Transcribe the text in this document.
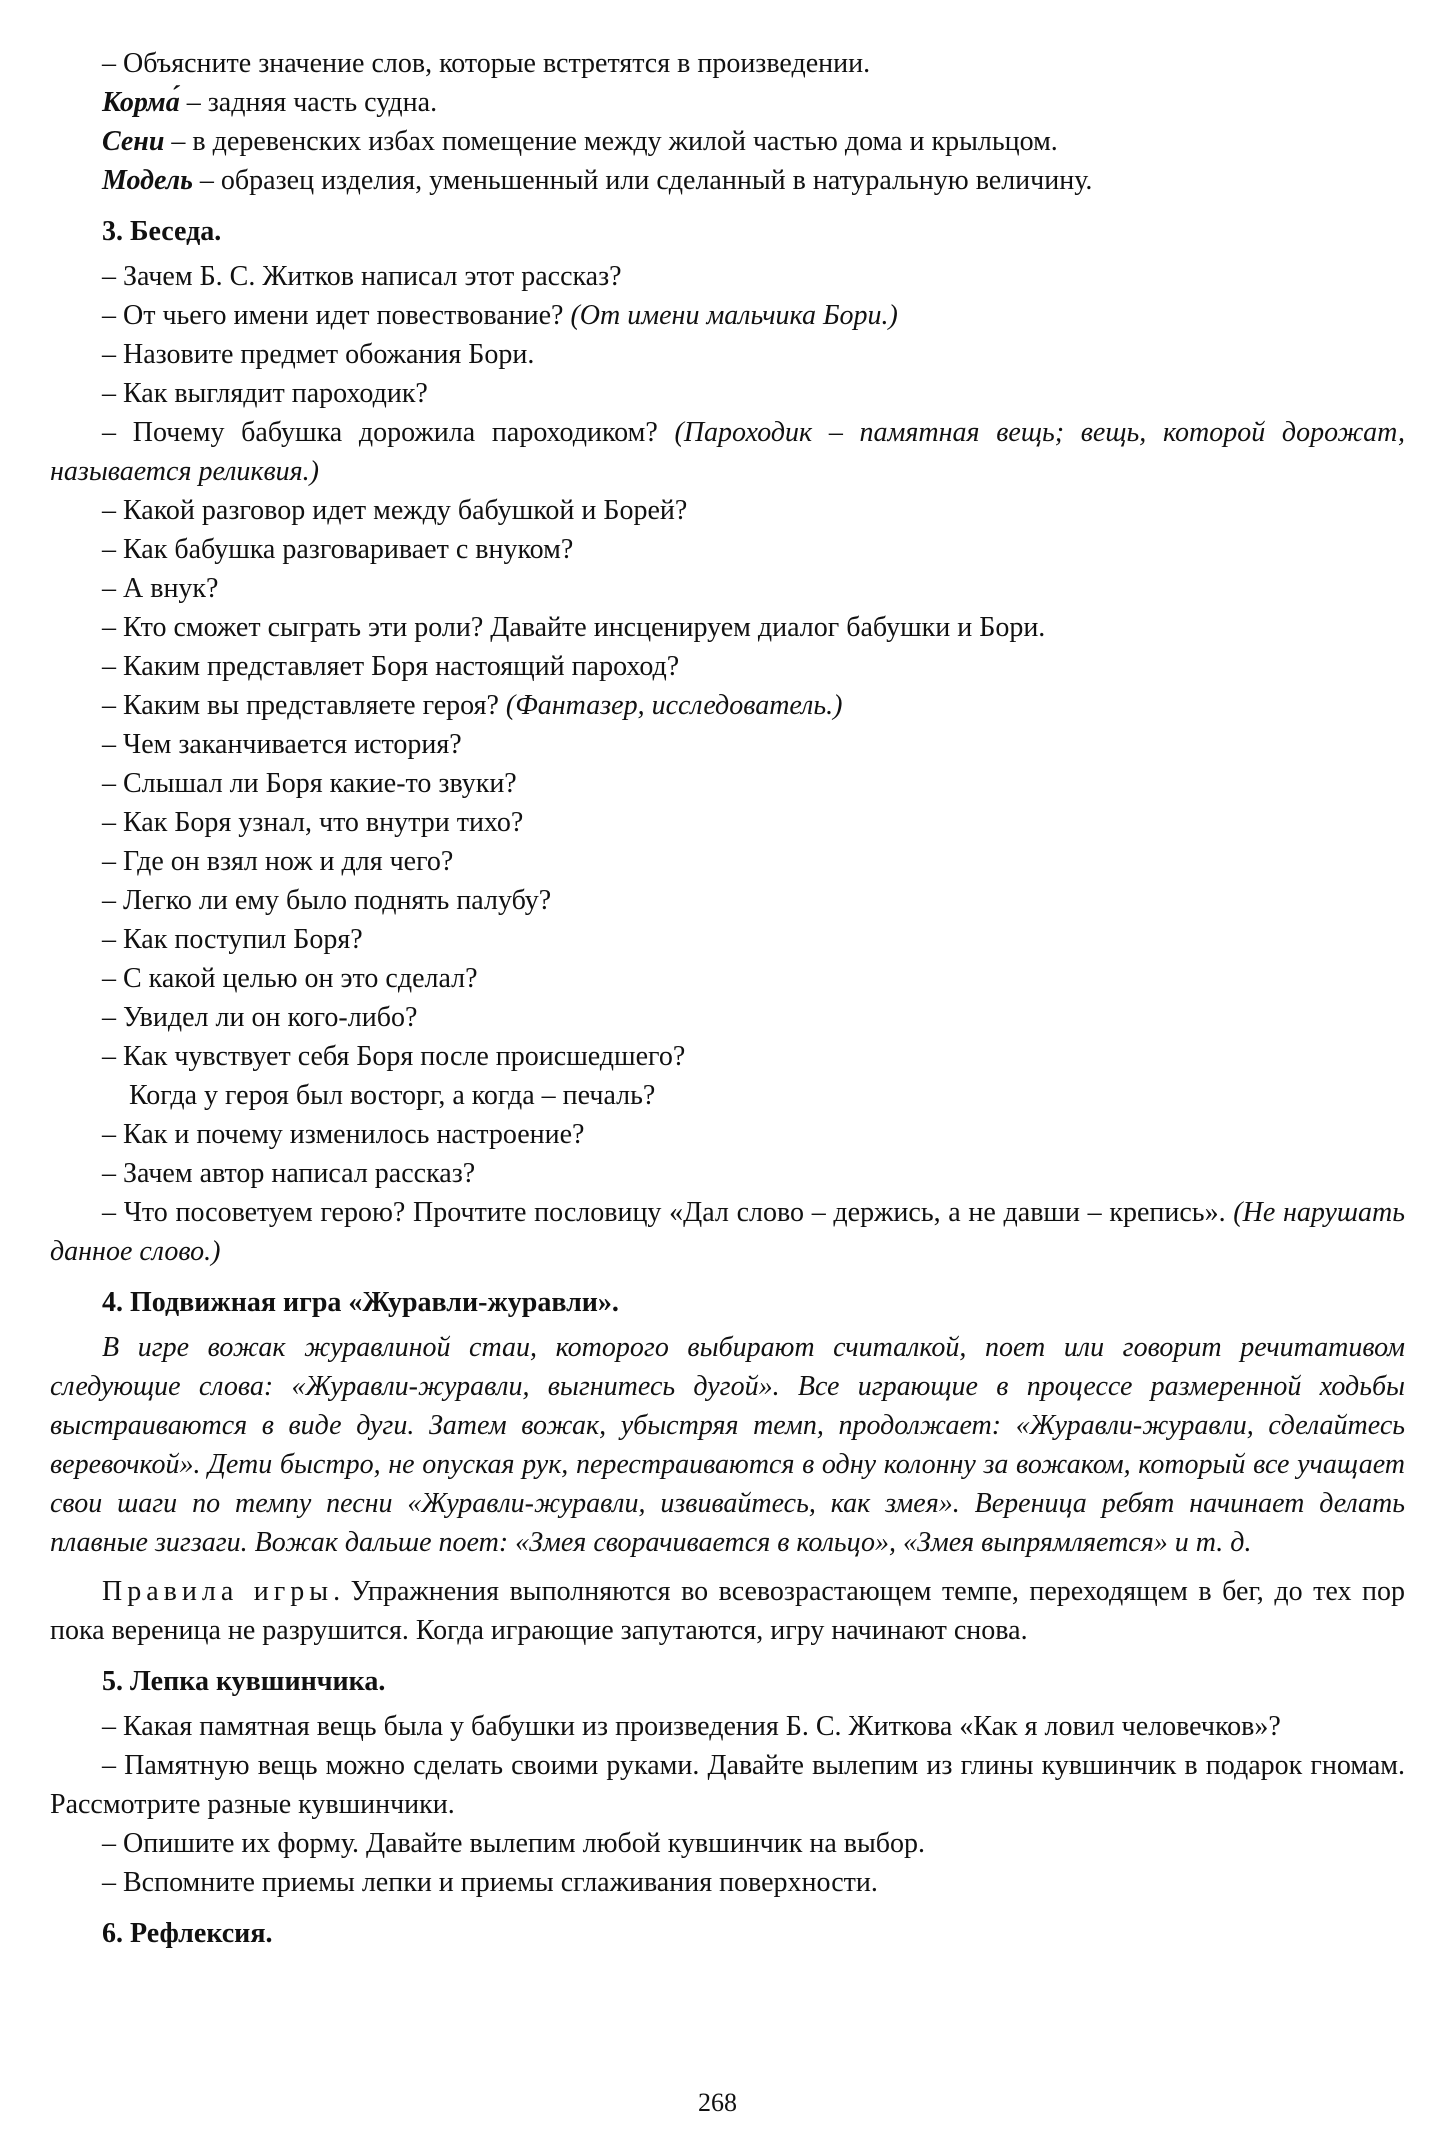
– Объясните значение слов, которые встретятся в произведении.

Корма́ – задняя часть судна.

Сени – в деревенских избах помещение между жилой частью дома и крыльцом.

Модель – образец изделия, уменьшенный или сделанный в натуральную величину.

3. Беседа.

– Зачем Б. С. Житков написал этот рассказ?

– От чьего имени идет повествование? (От имени мальчика Бори.)

– Назовите предмет обожания Бори.

– Как выглядит пароходик?

– Почему бабушка дорожила пароходиком? (Пароходик – памятная вещь; вещь, которой дорожат, называется реликвия.)

– Какой разговор идет между бабушкой и Борей?

– Как бабушка разговаривает с внуком?

– А внук?

– Кто сможет сыграть эти роли? Давайте инсценируем диалог бабушки и Бори.

– Каким представляет Боря настоящий пароход?

– Каким вы представляете героя? (Фантазер, исследователь.)

– Чем заканчивается история?

– Слышал ли Боря какие-то звуки?

– Как Боря узнал, что внутри тихо?

– Где он взял нож и для чего?

– Легко ли ему было поднять палубу?

– Как поступил Боря?

– С какой целью он это сделал?

– Увидел ли он кого-либо?

– Как чувствует себя Боря после происшедшего?

Когда у героя был восторг, а когда – печаль?

– Как и почему изменилось настроение?

– Зачем автор написал рассказ?

– Что посоветуем герою? Прочтите пословицу «Дал слово – держись, а не давши – крепись». (Не нарушать данное слово.)

4. Подвижная игра «Журавли-журавли».

В игре вожак журавлиной стаи, которого выбирают считалкой, поет или говорит речитативом следующие слова: «Журавли-журавли, выгнитесь дугой». Все играющие в процессе размеренной ходьбы выстраиваются в виде дуги. Затем вожак, убыстряя темп, продолжает: «Журавли-журавли, сделайтесь веревочкой». Дети быстро, не опуская рук, перестраиваются в одну колонну за вожаком, который все учащает свои шаги по темпу песни «Журавли-журавли, извивайтесь, как змея». Вереница ребят начинает делать плавные зигзаги. Вожак дальше поет: «Змея сворачивается в кольцо», «Змея выпрямляется» и т. д.

Правила игры. Упражнения выполняются во всевозрастающем темпе, переходящем в бег, до тех пор пока вереница не разрушится. Когда играющие запутаются, игру начинают снова.

5. Лепка кувшинчика.

– Какая памятная вещь была у бабушки из произведения Б. С. Житкова «Как я ловил человечков»?

– Памятную вещь можно сделать своими руками. Давайте вылепим из глины кувшинчик в подарок гномам. Рассмотрите разные кувшинчики.

– Опишите их форму. Давайте вылепим любой кувшинчик на выбор.

– Вспомните приемы лепки и приемы сглаживания поверхности.

6. Рефлексия.

268
